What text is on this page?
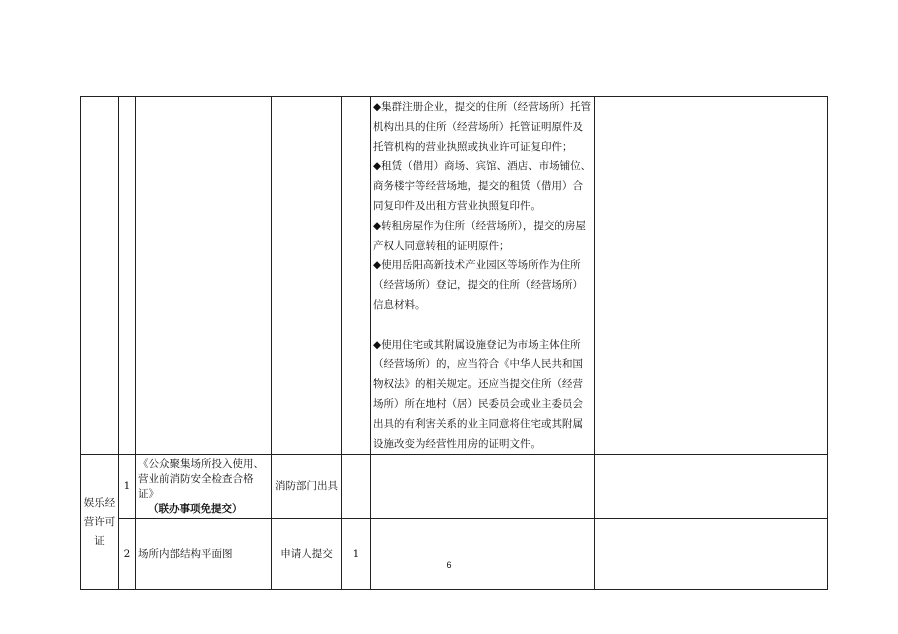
					◆集群注册企业，提交的住所（经营场所）托管机构出具的住所（经营场所）托管证明原件及托管机构的营业执照或执业许可证复印件；

◆租赁（借用）商场、宾馆、酒店、市场铺位、商务楼宇等经营场地，提交的租赁（借用）合同复印件及出租方营业执照复印件。

◆转租房屋作为住所（经营场所），提交的房屋产权人同意转租的证明原件；

◆使用岳阳高新技术产业园区等场所作为住所（经营场所）登记，提交的住所（经营场所）信息材料。

◆使用住宅或其附属设施登记为市场主体住所（经营场所）的，应当符合《中华人民共和国物权法》的相关规定。还应当提交住所（经营场所）所在地村（居）民委员会或业主委员会出具的有利害关系的业主同意将住宅或其附属设施改变为经营性用房的证明文件。	

娱乐经营许可证	1	《公众聚集场所投入使用、营业前消防安全检查合格证》
（联办事项免提交）	消防部门出具			
	2	场所内部结构平面图	申请人提交	1		
6
